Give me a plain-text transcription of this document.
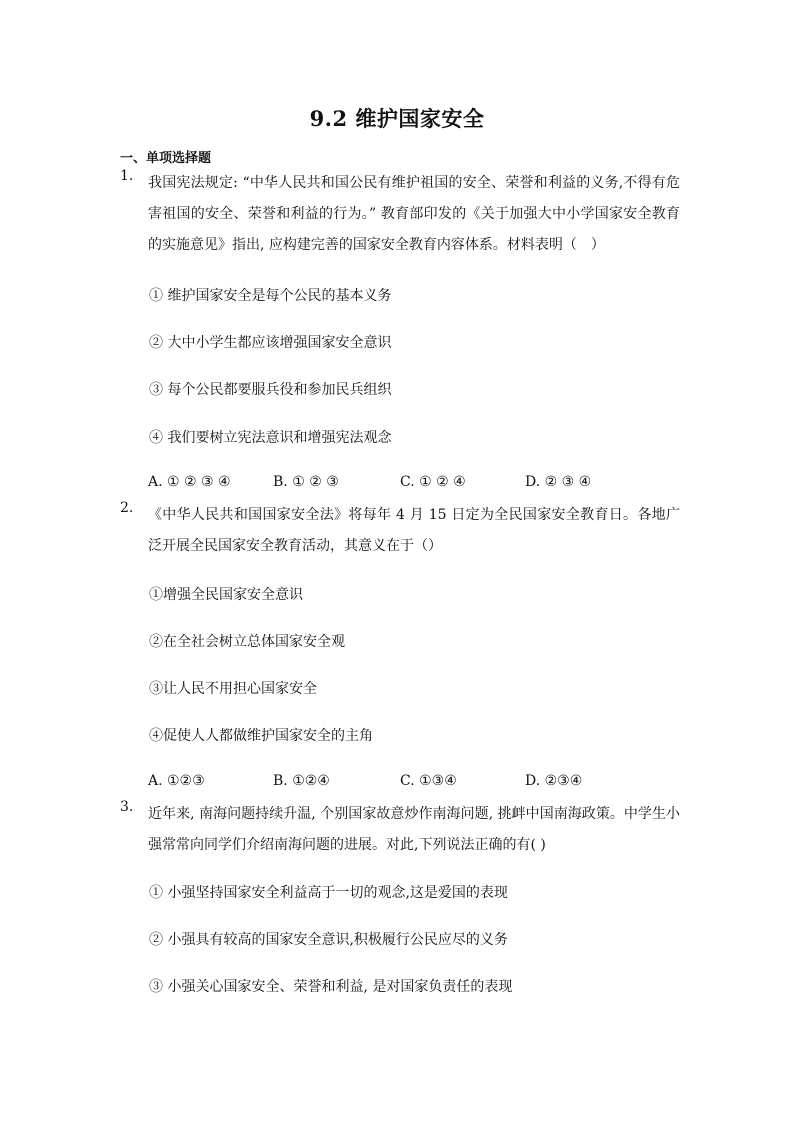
9.2 维护国家安全
一、单项选择题
1.	我国宪法规定: “中华人民共和国公民有维护祖国的安全、荣誉和利益的义务,不得有危害祖国的安全、荣誉和利益的行为。” 教育部印发的《关于加强大中小学国家安全教育的实施意见》指出, 应构建完善的国家安全教育内容体系。材料表明（　）
① 维护国家安全是每个公民的基本义务
② 大中小学生都应该增强国家安全意识
③ 每个公民都要服兵役和参加民兵组织
④ 我们要树立宪法意识和增强宪法观念
A. ① ② ③ ④	B. ① ② ③	C. ① ② ④	D. ② ③ ④
2.	《中华人民共和国国家安全法》将每年 4 月 15 日定为全民国家安全教育日。各地广泛开展全民国家安全教育活动，其意义在于（）
①增强全民国家安全意识
②在全社会树立总体国家安全观
③让人民不用担心国家安全
④促使人人都做维护国家安全的主角
A. ①②③	B. ①②④	C. ①③④	D. ②③④
3.	近年来, 南海问题持续升温, 个别国家故意炒作南海问题, 挑衅中国南海政策。中学生小强常常向同学们介绍南海问题的进展。对此,下列说法正确的有( )
① 小强坚持国家安全利益高于一切的观念,这是爱国的表现
② 小强具有较高的国家安全意识,积极履行公民应尽的义务
③ 小强关心国家安全、荣誉和利益, 是对国家负责任的表现
